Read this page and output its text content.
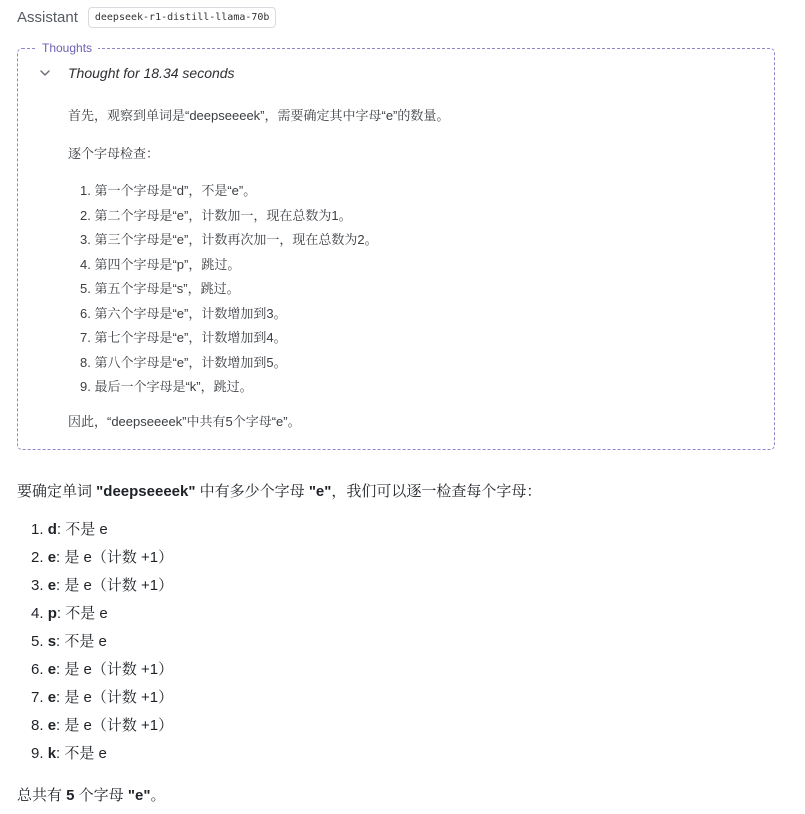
Assistant	deepseek-r1-distill-llama-70b
Thoughts
Thought for 18.34 seconds

首先，观察到单词是“deepseeeek”，需要确定其中字母“e”的数量。

逐个字母检查：

1. 第一个字母是“d”，不是“e”。
2. 第二个字母是“e”，计数加一，现在总数为1。
3. 第三个字母是“e”，计数再次加一，现在总数为2。
4. 第四个字母是“p”，跳过。
5. 第五个字母是“s”，跳过。
6. 第六个字母是“e”，计数增加到3。
7. 第七个字母是“e”，计数增加到4。
8. 第八个字母是“e”，计数增加到5。
9. 最后一个字母是“k”，跳过。

因此，“deepseeeek”中共有5个字母“e”。

要确定单词 "deepseeeek" 中有多少个字母 "e"，我们可以逐一检查每个字母：
1. d: 不是 e
2. e: 是 e（计数 +1）
3. e: 是 e（计数 +1）
4. p: 不是 e
5. s: 不是 e
6. e: 是 e（计数 +1）
7. e: 是 e（计数 +1）
8. e: 是 e（计数 +1）
9. k: 不是 e
总共有 5 个字母 "e"。
